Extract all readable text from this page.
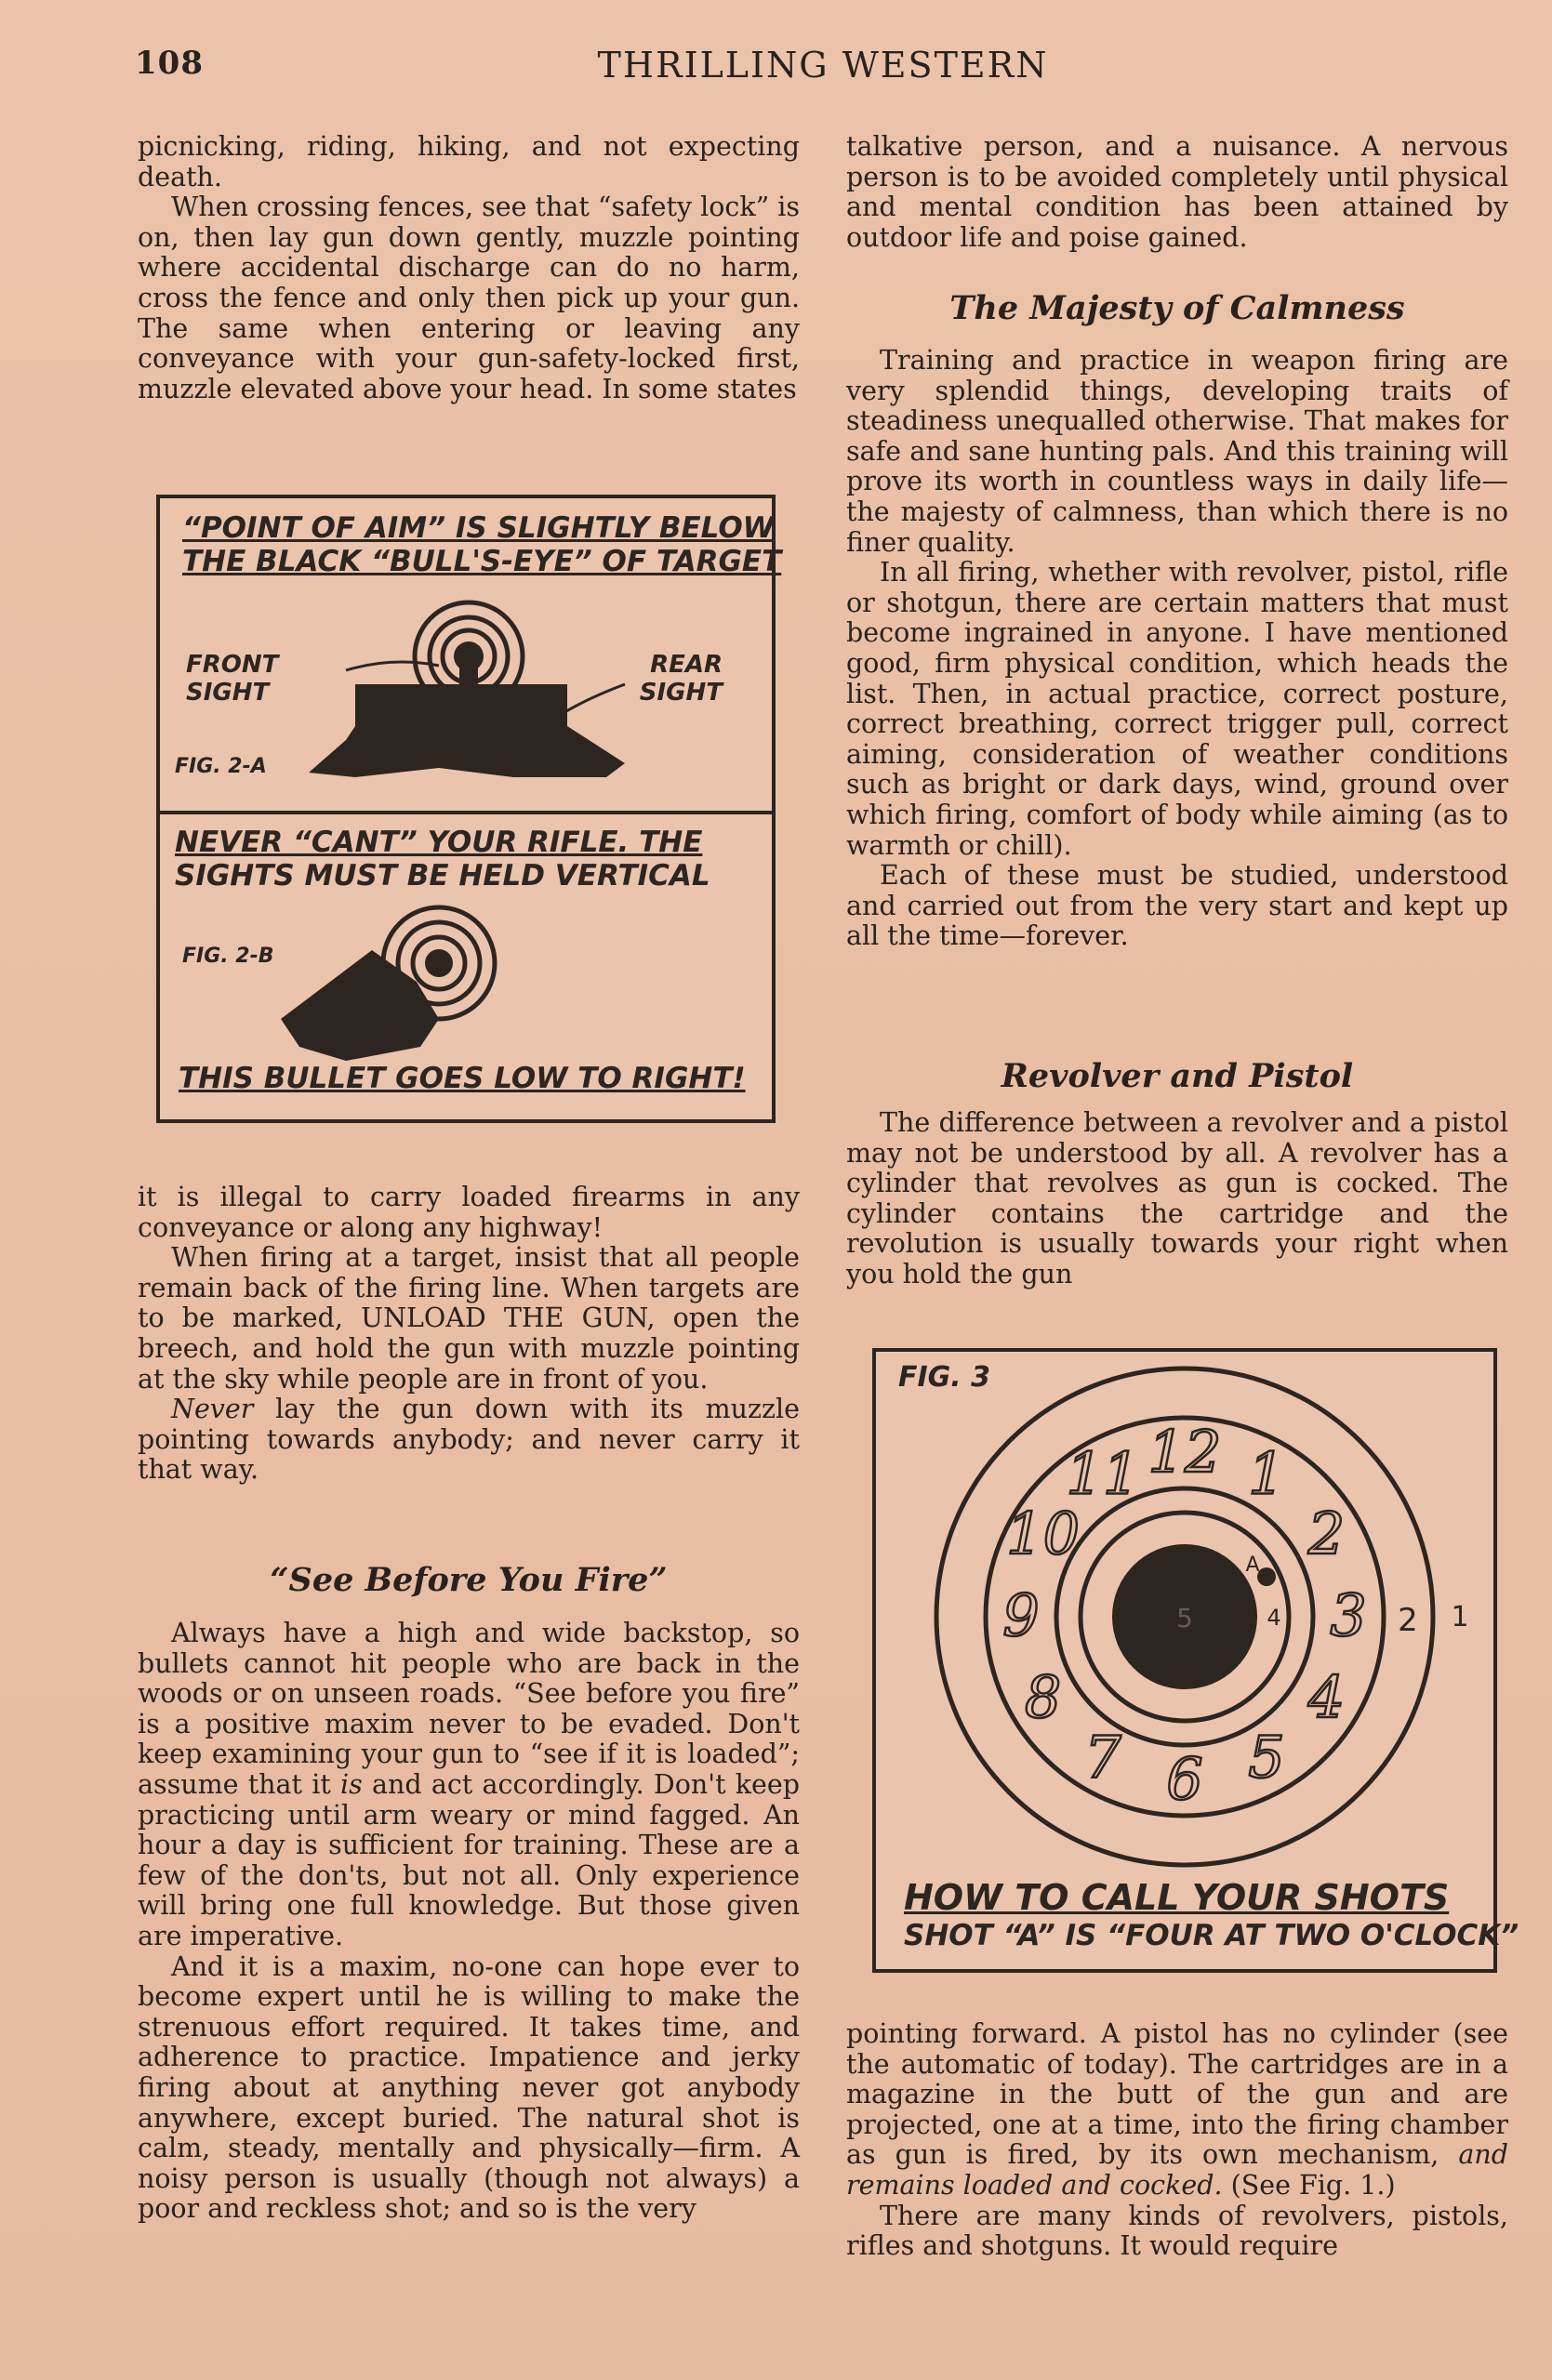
108	THRILLING WESTERN

picnicking, riding, hiking, and not expecting death.

When crossing fences, see that “safety lock” is on, then lay gun down gently, muzzle pointing where accidental discharge can do no harm, cross the fence and only then pick up your gun. The same when entering or leaving any conveyance with your gun-safety-locked first, muzzle elevated above your head. In some states

“POINT OF AIM” IS SLIGHTLY BELOW
THE BLACK “BULL'S-EYE” OF TARGET
FRONT SIGHT
REAR SIGHT
FIG. 2-A
NEVER “CANT” YOUR RIFLE. THE
SIGHTS MUST BE HELD VERTICAL
FIG. 2-B
THIS BULLET GOES LOW TO RIGHT!

it is illegal to carry loaded firearms in any conveyance or along any highway!

When firing at a target, insist that all people remain back of the firing line. When targets are to be marked, UNLOAD THE GUN, open the breech, and hold the gun with muzzle pointing at the sky while people are in front of you.

Never lay the gun down with its muzzle pointing towards anybody; and never carry it that way.

“See Before You Fire”

Always have a high and wide backstop, so bullets cannot hit people who are back in the woods or on unseen roads. “See before you fire” is a positive maxim never to be evaded. Don't keep examining your gun to “see if it is loaded”; assume that it is and act accordingly. Don't keep practicing until arm weary or mind fagged. An hour a day is sufficient for training. These are a few of the don'ts, but not all. Only experience will bring one full knowledge. But those given are imperative.

And it is a maxim, no-one can hope ever to become expert until he is willing to make the strenuous effort required. It takes time, and adherence to practice. Impatience and jerky firing about at anything never got anybody anywhere, except buried. The natural shot is calm, steady, mentally and physically—firm. A noisy person is usually (though not always) a poor and reckless shot; and so is the very

talkative person, and a nuisance. A nervous person is to be avoided completely until physical and mental condition has been attained by outdoor life and poise gained.

The Majesty of Calmness

Training and practice in weapon firing are very splendid things, developing traits of steadiness unequalled otherwise. That makes for safe and sane hunting pals. And this training will prove its worth in countless ways in daily life—the majesty of calmness, than which there is no finer quality.

In all firing, whether with revolver, pistol, rifle or shotgun, there are certain matters that must become ingrained in anyone. I have mentioned good, firm physical condition, which heads the list. Then, in actual practice, correct posture, correct breathing, correct trigger pull, correct aiming, consideration of weather conditions such as bright or dark days, wind, ground over which firing, comfort of body while aiming (as to warmth or chill).

Each of these must be studied, understood and carried out from the very start and kept up all the time—forever.

Revolver and Pistol

The difference between a revolver and a pistol may not be understood by all. A revolver has a cylinder that revolves as gun is cocked. The cylinder contains the cartridge and the revolution is usually towards your right when you hold the gun

12 1
2
3
4
5
6
7
8
9
10
11
2 1
5	4
A
FIG. 3
HOW TO CALL YOUR SHOTS
SHOT “A” IS “FOUR AT TWO O'CLOCK”

pointing forward. A pistol has no cylinder (see the automatic of today). The cartridges are in a magazine in the butt of the gun and are projected, one at a time, into the firing chamber as gun is fired, by its own mechanism, and remains loaded and cocked. (See Fig. 1.)

There are many kinds of revolvers, pistols, rifles and shotguns. It would require
